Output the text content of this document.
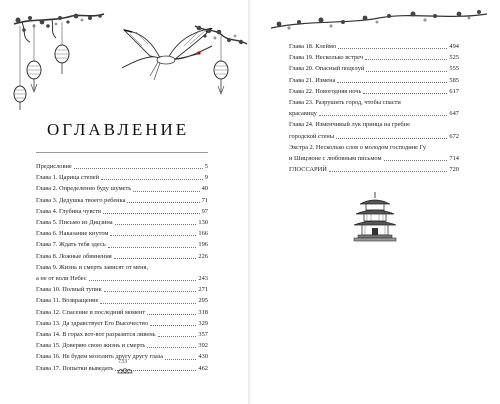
ОГЛАВЛЕНИЕ
Предисловие	5
Глава 1. Царица степей	9
Глава 2. Определенно буду шуметь	40
Глава 3. Дедушка твоего ребенка	71
Глава 4. Глубина чувств	97
Глава 5. Письмо из Дицзина	130
Глава 6. Наказание кнутом	166
Глава 7. Ждать тебя здесь	196
Глава 8. Ложные обвинения	226
Глава 9. Жизнь и смерть зависят от меня,
а не от воли Небес	243
Глава 10. Полный тупик	271
Глава 11. Возвращение	295
Глава 12. Спасение в последний момент	318
Глава 13. Да здравствует Его Высочество	329
Глава 14. В горах вот-вот разразится ливень	357
Глава 15. Доверяю свою жизнь и смерть	392
Глава 16. Не будем мозолить другу другу глаза	430
Глава 17. Попытки выведать	462
733
Глава 18. Клеймо	494
Глава 19. Несколько встреч	525
Глава 20. Опасный поцелуй	555
Глава 21. Измена	585
Глава 22. Новогодняя ночь	617
Глава 23. Разрушить город, чтобы спасти
красавицу	647
Глава 24. Изменчивый лук принца на гребне
городской стены	672
Экстра 2. Несколько слов о молодом господине Гу
и Шицзюне с любовным письмом	714
ГЛОССАРИЙ	720
